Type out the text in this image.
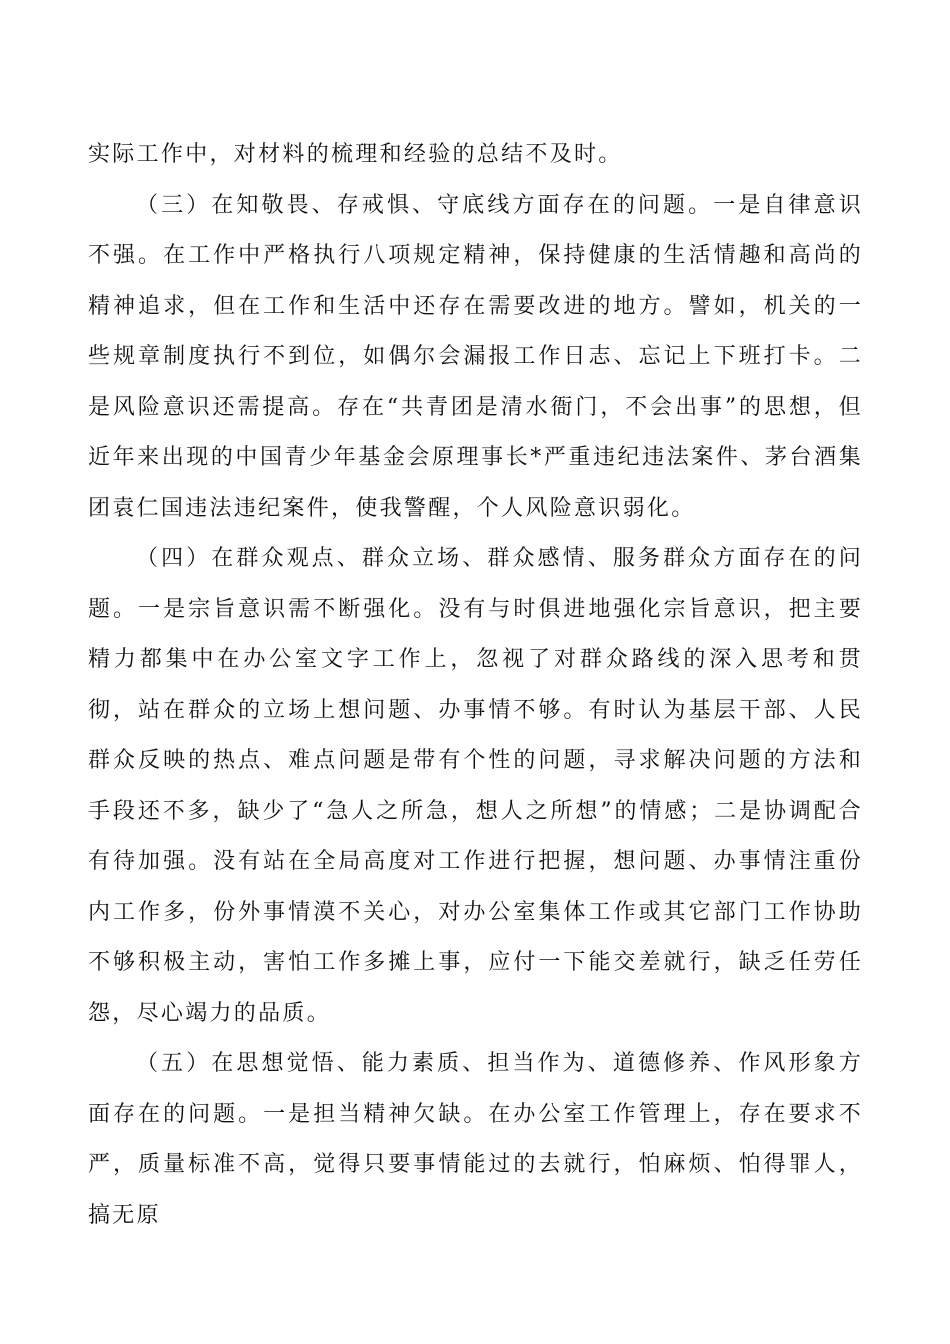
实际工作中，对材料的梳理和经验的总结不及时。

（三）在知敬畏、存戒惧、守底线方面存在的问题。一是自律意识不强。在工作中严格执行八项规定精神，保持健康的生活情趣和高尚的精神追求，但在工作和生活中还存在需要改进的地方。譬如，机关的一些规章制度执行不到位，如偶尔会漏报工作日志、忘记上下班打卡。二是风险意识还需提高。存在“共青团是清水衙门，不会出事”的思想，但近年来出现的中国青少年基金会原理事长*严重违纪违法案件、茅台酒集团袁仁国违法违纪案件，使我警醒，个人风险意识弱化。

（四）在群众观点、群众立场、群众感情、服务群众方面存在的问题。一是宗旨意识需不断强化。没有与时俱进地强化宗旨意识，把主要精力都集中在办公室文字工作上，忽视了对群众路线的深入思考和贯彻，站在群众的立场上想问题、办事情不够。有时认为基层干部、人民群众反映的热点、难点问题是带有个性的问题，寻求解决问题的方法和手段还不多，缺少了“急人之所急，想人之所想”的情感；二是协调配合有待加强。没有站在全局高度对工作进行把握，想问题、办事情注重份内工作多，份外事情漠不关心，对办公室集体工作或其它部门工作协助不够积极主动，害怕工作多摊上事，应付一下能交差就行，缺乏任劳任怨，尽心竭力的品质。

（五）在思想觉悟、能力素质、担当作为、道德修养、作风形象方面存在的问题。一是担当精神欠缺。在办公室工作管理上，存在要求不严，质量标准不高，觉得只要事情能过的去就行，怕麻烦、怕得罪人，搞无原
